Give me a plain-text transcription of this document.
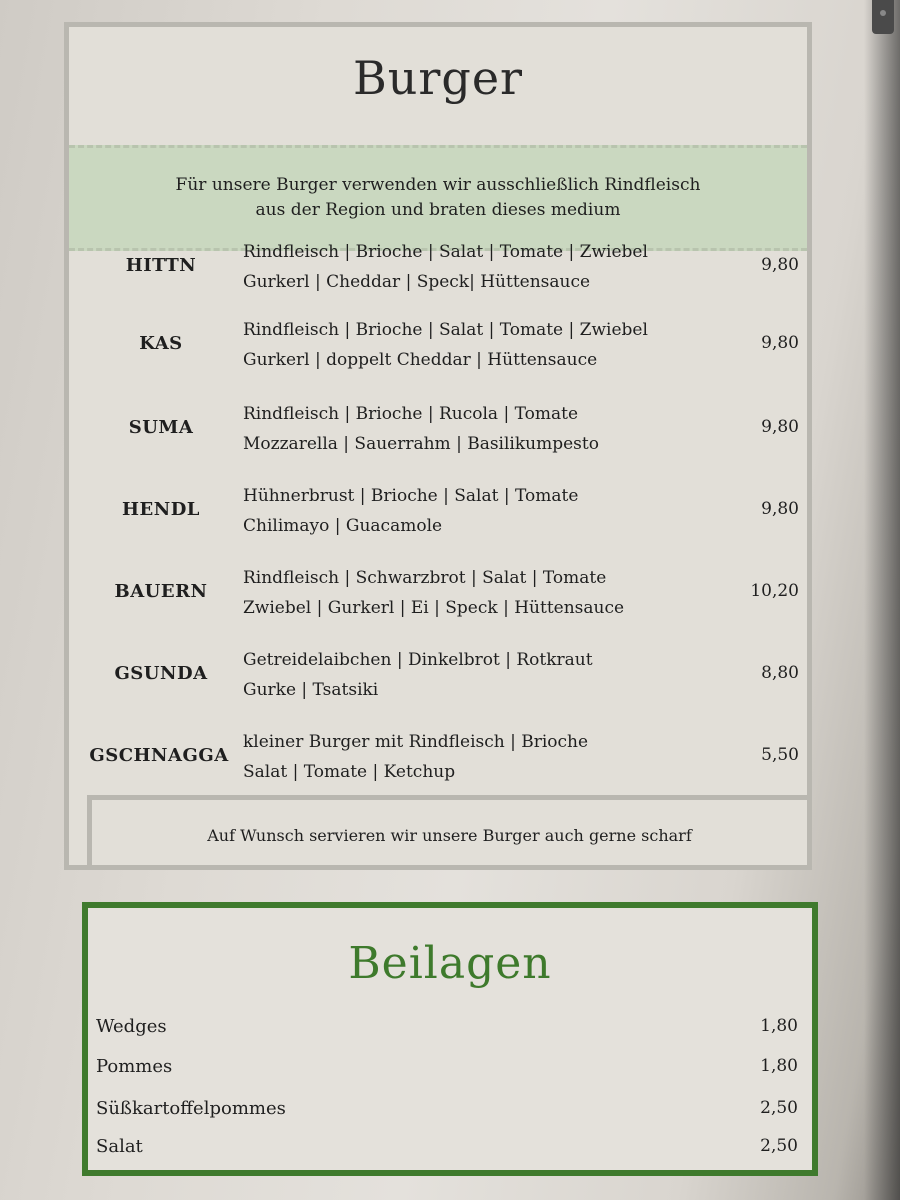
Burger
Für unsere Burger verwenden wir ausschließlich Rindfleisch
aus der Region und braten dieses medium
HITTN
Rindfleisch | Brioche | Salat | Tomate | Zwiebel
Gurkerl | Cheddar | Speck| Hüttensauce
9,80
KAS
Rindfleisch | Brioche | Salat | Tomate | Zwiebel
Gurkerl | doppelt Cheddar | Hüttensauce
9,80
SUMA
Rindfleisch | Brioche | Rucola | Tomate
Mozzarella | Sauerrahm | Basilikumpesto
9,80
HENDL
Hühnerbrust | Brioche | Salat | Tomate
Chilimayo | Guacamole
9,80
BAUERN
Rindfleisch | Schwarzbrot | Salat | Tomate
Zwiebel | Gurkerl | Ei | Speck | Hüttensauce
10,20
GSUNDA
Getreidelaibchen | Dinkelbrot | Rotkraut
Gurke | Tsatsiki
8,80
GSCHNAGGA
kleiner Burger mit Rindfleisch | Brioche
Salat | Tomate | Ketchup
5,50
Auf Wunsch servieren wir unsere Burger auch gerne scharf
Beilagen
Wedges	1,80
Pommes	1,80
Süßkartoffelpommes	2,50
Salat	2,50
